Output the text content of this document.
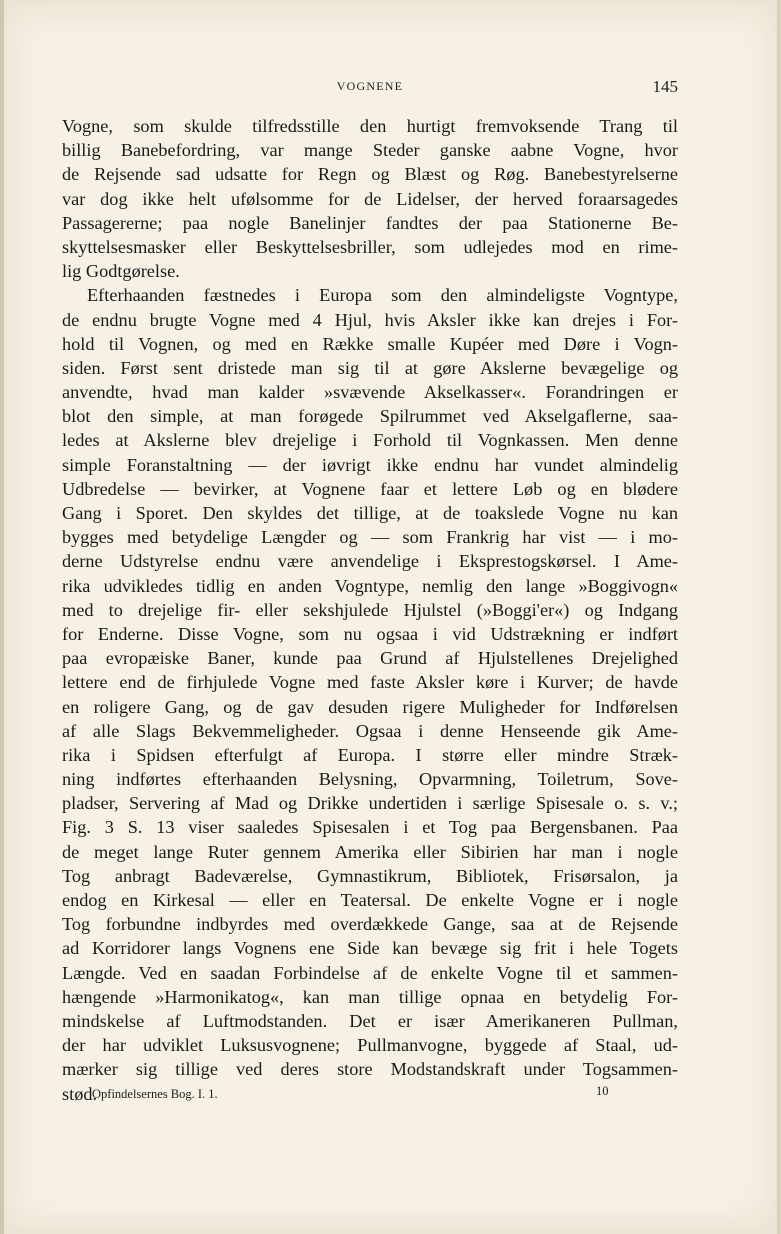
VOGNENE	145
Vogne, som skulde tilfredsstille den hurtigt fremvoksende Trang til
billig Banebefordring, var mange Steder ganske aabne Vogne, hvor
de Rejsende sad udsatte for Regn og Blæst og Røg. Banebestyrelserne
var dog ikke helt ufølsomme for de Lidelser, der herved foraarsagedes
Passagererne; paa nogle Banelinjer fandtes der paa Stationerne Be-
skyttelsesmasker eller Beskyttelsesbriller, som udlejedes mod en rime-
lig Godtgørelse.
Efterhaanden fæstnedes i Europa som den almindeligste Vogntype,
de endnu brugte Vogne med 4 Hjul, hvis Aksler ikke kan drejes i For-
hold til Vognen, og med en Række smalle Kupéer med Døre i Vogn-
siden. Først sent dristede man sig til at gøre Akslerne bevægelige og
anvendte, hvad man kalder »svævende Akselkasser«. Forandringen er
blot den simple, at man forøgede Spilrummet ved Akselgaflerne, saa-
ledes at Akslerne blev drejelige i Forhold til Vognkassen. Men denne
simple Foranstaltning — der iøvrigt ikke endnu har vundet almindelig
Udbredelse — bevirker, at Vognene faar et lettere Løb og en blødere
Gang i Sporet. Den skyldes det tillige, at de toakslede Vogne nu kan
bygges med betydelige Længder og — som Frankrig har vist — i mo-
derne Udstyrelse endnu være anvendelige i Eksprestogskørsel. I Ame-
rika udvikledes tidlig en anden Vogntype, nemlig den lange »Boggivogn«
med to drejelige fir- eller sekshjulede Hjulstel (»Boggi'er«) og Indgang
for Enderne. Disse Vogne, som nu ogsaa i vid Udstrækning er indført
paa evropæiske Baner, kunde paa Grund af Hjulstellenes Drejelighed
lettere end de firhjulede Vogne med faste Aksler køre i Kurver; de havde
en roligere Gang, og de gav desuden rigere Muligheder for Indførelsen
af alle Slags Bekvemmeligheder. Ogsaa i denne Henseende gik Ame-
rika i Spidsen efterfulgt af Europa. I større eller mindre Stræk-
ning indførtes efterhaanden Belysning, Opvarmning, Toiletrum, Sove-
pladser, Servering af Mad og Drikke undertiden i særlige Spisesale o. s. v.;
Fig. 3 S. 13 viser saaledes Spisesalen i et Tog paa Bergensbanen. Paa
de meget lange Ruter gennem Amerika eller Sibirien har man i nogle
Tog anbragt Badeværelse, Gymnastikrum, Bibliotek, Frisørsalon, ja
endog en Kirkesal — eller en Teatersal. De enkelte Vogne er i nogle
Tog forbundne indbyrdes med overdækkede Gange, saa at de Rejsende
ad Korridorer langs Vognens ene Side kan bevæge sig frit i hele Togets
Længde. Ved en saadan Forbindelse af de enkelte Vogne til et sammen-
hængende »Harmonikatog«, kan man tillige opnaa en betydelig For-
mindskelse af Luftmodstanden. Det er især Amerikaneren Pullman,
der har udviklet Luksusvognene; Pullmanvogne, byggede af Staal, ud-
mærker sig tillige ved deres store Modstandskraft under Togsammen-
stød.
Opfindelsernes Bog. I. 1.	10
